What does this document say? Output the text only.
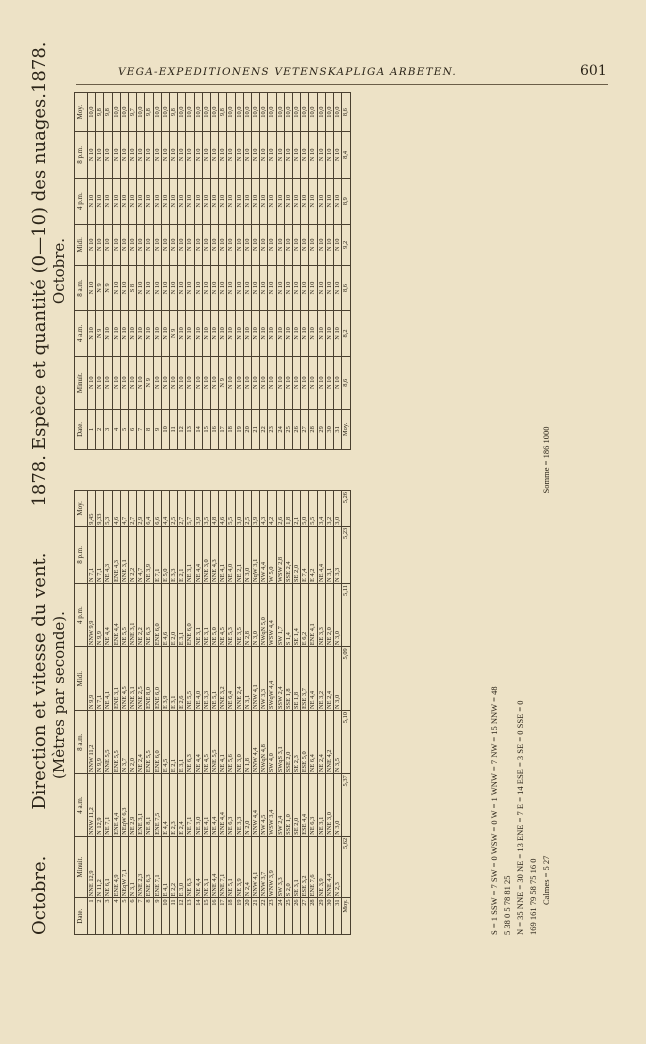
VEGA-EXPEDITIONENS VETENSKAPLIGA ARBETEN.	601
Espèce et quantité (0—10) des nuages.
1878.
Octobre.
Date.	Minuit.	4 a.m.	8 a.m.	Midi.	4 p.m.	8 p.m.	Moy.
1	N 10	N 10	N 10	N 10	N 10	N 10	10,0
2	N 10	N 9	N 9	N 10	N 10	N 10	9,8
3	N 10	N 10	N 9	N 10	N 10	N 10	9,8
4	N 10	N 10	N 10	N 10	N 10	N 10	10,0
5	N 10	N 10	N 10	N 10	N 10	N 10	10,0
6	N 10	N 10	S 8	N 10	N 10	N 10	9,7
7	N 10	N 10	N 10	N 10	N 10	N 10	10,0
8	N 9	N 10	N 10	N 10	N 10	N 10	9,8
9	N 10	N 10	N 10	N 10	N 10	N 10	10,0
10	N 10	N 10	N 10	N 10	N 10	N 10	10,0
11	N 10	N 9	N 10	N 10	N 10	N 10	9,8
12	N 10	N 10	N 10	N 10	N 10	N 10	10,0
13	N 10	N 10	N 10	N 10	N 10	N 10	10,0
14	N 10	N 10	N 10	N 10	N 10	N 10	10,0
15	N 10	N 10	N 10	N 10	N 10	N 10	10,0
16	N 10	N 10	N 10	N 10	N 10	N 10	10,0
17	N 9	N 10	N 10	N 10	N 10	N 10	9,8
18	N 10	N 10	N 10	N 10	N 10	N 10	10,0
19	N 10	N 10	N 10	N 10	N 10	N 10	10,0
20	N 10	N 10	N 10	N 10	N 10	N 10	10,0
21	N 10	N 10	N 10	N 10	N 10	N 10	10,0
22	N 10	N 10	N 10	N 10	N 10	N 10	10,0
23	N 10	N 10	N 10	N 10	N 10	N 10	10,0
24	N 10	N 10	N 10	N 10	N 10	N 10	10,0
25	N 10	N 10	N 10	N 10	N 10	N 10	10,0
26	N 10	N 10	N 10	N 10	N 10	N 10	10,0
27	N 10	N 10	N 10	N 10	N 10	N 10	10,0
28	N 10	N 10	N 10	N 10	N 10	N 10	10,0
29	N 10	N 10	N 10	N 10	N 10	N 10	10,0
30	N 10	N 10	N 10	N 10	N 10	N 10	10,0
31	N 10	N 10	N 10	N 10	N 10	N 10	10,0
Moy.	8,6	8,2	8,6	9,2	8,9	8,4	8,6
Octobre.
Direction et vitesse du vent.
1878.
(Mètres par seconde).
Date.	Minuit.	4 a.m.	8 a.m.	Midi.	4 p.m.	8 p.m.	Moy.
1	NNE 12,9	NNW 11,2	NNW 11,2	N 9,9	NNW 9,9	N 7,1	9,45
2	N 11,2	N 12,9	N 9,9	N 7,1	N 9,9	N 7,1	9,33
3	NE 6,1	NE 7,1	NNE 5,5	NE 4,1	NE 4,4	NE 4,3	5,3
4	ENE 4,9	ENE 4,4	ENE 5,5	ENE 3,1	ENE 4,4	ENE 4,3	4,6
5	NEqW 7,1	NEqW 6,3	N 3,7	NNE 4,5	NE 5,5	NNE 3,1	4,7
6	N 3,1	NE 2,9	N 2,0	NNE 3,1	NNE 3,1	N 2,2	2,7
7	NNE 2,3	ENE 3,1	NE 2,4	NNE 2,5	NE 2,2	N 4,7	2,9
8	ENE 6,3	NE 8,1	ENE 5,5	ENE 8,0	NE 6,3	NE 3,9	6,4
9	ENE 7,1	ENE 7,5	ENE 6,0	ENE 6,0	ENE 6,0	E 7,1	6,6
10	E 4,1	E 4,4	E 4,5	E 3,9	E 4,6	E 5,0	4,4
11	E 2,2	E 2,3	E 2,1	E 3,1	E 2,0	E 3,3	2,5
12	E 3,0	E 2,4	E 3,1	E 2,6	E 3,1	E 2,1	2,7
13	NE 6,3	NE 7,1	NE 6,3	NE 5,5	ENE 6,0	NE 3,1	5,7
14	NE 4,4	NE 3,0	NE 4,4	NE 4,0	NE 3,1	NE 4,4	3,9
15	NE 3,1	NE 4,1	NE 4,5	NE 3,3	NE 3,1	NNE 3,0	3,5
16	NNE 4,4	NE 4,4	NNE 5,5	NE 5,1	NE 5,0	NNE 4,3	4,8
17	NNE 7,1	NNE 4,4	NE 4,1	NNE 3,2	NE 4,5	NE 4,1	4,6
18	NE 5,1	NE 6,3	NE 5,6	NE 6,4	NE 5,3	NE 4,0	5,5
19	NE 3,9	NE 3,3	NE 3,0	NNE 2,4	NE 3,5	NE 2,1	3,0
20	N 2,4	N 2,0	N 1,8	N 3,1	N 2,8	N 3,0	2,5
21	NNW 4,1	NNW 4,4	NNW 4,4	NNW 4,1	N 3,0	NqW 3,1	3,9
22	NNW 3,7	NW 4,5	NWqN 4,8	NW 3,3	NWqN 5,0	NW 4,4	4,3
23	WNW 3,9	WSW 3,4	SW 4,0	SWqW 4,4	WSW 4,4	W 5,0	4,2
24	SW 3,3	SW 2,4	SWqS 3,1	SSW 2,4	SW 1,7	WSW 2,8	2,6
25	S 2,0	SSE 1,0	SSE 2,0	SSE 1,8	S 1,4	SSE 2,4	1,8
26	SE 3,1	SE 2,0	SE 2,3	SE 1,8	SE 1,4	SE 2,0	2,1
27	ESE 3,2	ESE 4,4	ESE 5,0	ESE 3,7	E 6,2	E 7,4	5,0
28	ENE 7,6	NE 6,3	NE 6,4	NE 4,4	ENE 4,1	E 4,2	5,5
29	NE 3,9	NE 3,1	NE 2,4	NE 3,2	NE 3,3	NE 4,4	3,4
30	NNE 4,4	NNE 3,0	NNE 4,2	NE 2,4	NE 2,0	N 3,1	3,2
31	N 2,3	N 3,0	N 3,5	N 3,0	N 3,0	N 3,3	3,0
Moy.	5,62	5,37	5,10	5,09	5,11	5,23	5,26
S = 1 SSW = 7 SW = 0 WSW = 0 W = 1 WNW = 7 NW = 15 NNW = 48 5 38 0 5 78 81 25 N = 35 NNE = 30 NE = 13 ENE = 7 E = 14 ESE = 3 SE = 0 SSE = 0 169 161 79 58 75 16 0 Calmes = 5 27 Somme = 186 1000
